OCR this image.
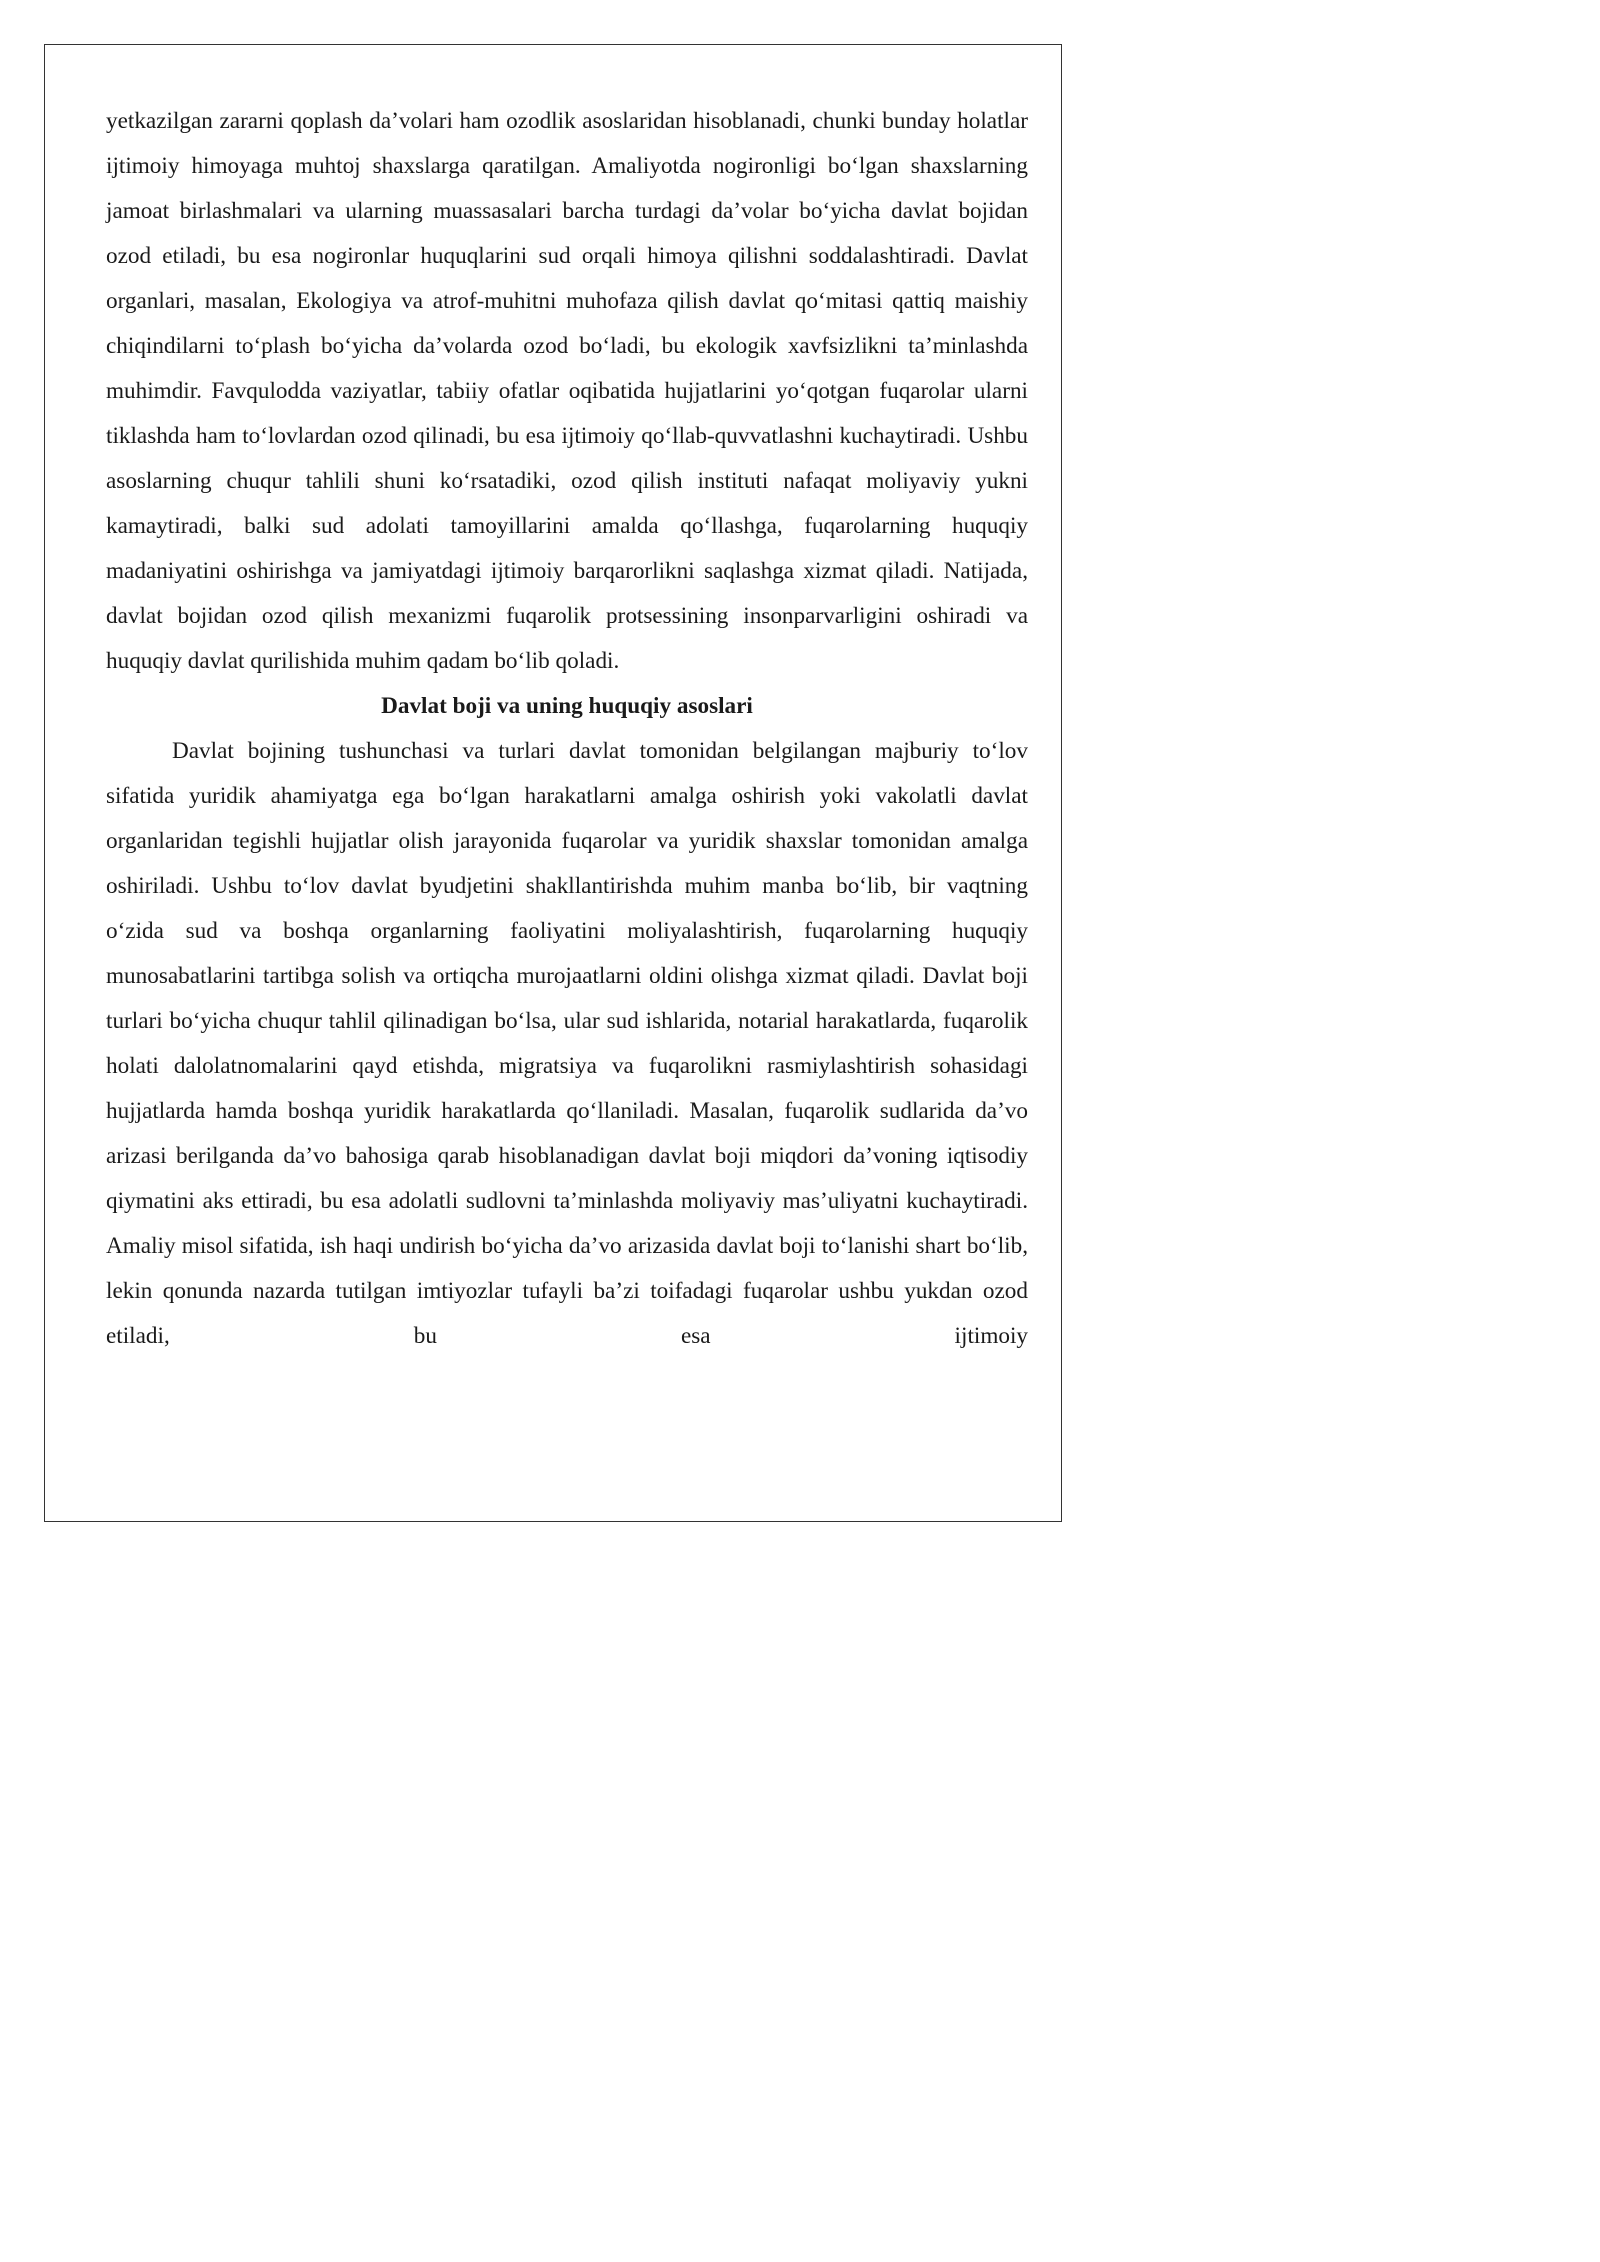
yetkazilgan zararni qoplash da’volari ham ozodlik asoslaridan hisoblanadi, chunki bunday holatlar ijtimoiy himoyaga muhtoj shaxslarga qaratilgan. Amaliyotda nogironligi bo‘lgan shaxslarning jamoat birlashmalari va ularning muassasalari barcha turdagi da’volar bo‘yicha davlat bojidan ozod etiladi, bu esa nogironlar huquqlarini sud orqali himoya qilishni soddalashtiradi. Davlat organlari, masalan, Ekologiya va atrof-muhitni muhofaza qilish davlat qo‘mitasi qattiq maishiy chiqindilarni to‘plash bo‘yicha da’volarda ozod bo‘ladi, bu ekologik xavfsizlikni ta’minlashda muhimdir. Favqulodda vaziyatlar, tabiiy ofatlar oqibatida hujjatlarini yo‘qotgan fuqarolar ularni tiklashda ham to‘lovlardan ozod qilinadi, bu esa ijtimoiy qo‘llab-quvvatlashni kuchaytiradi. Ushbu asoslarning chuqur tahlili shuni ko‘rsatadiki, ozod qilish instituti nafaqat moliyaviy yukni kamaytiradi, balki sud adolati tamoyillarini amalda qo‘llashga, fuqarolarning huquqiy madaniyatini oshirishga va jamiyatdagi ijtimoiy barqarorlikni saqlashga xizmat qiladi. Natijada, davlat bojidan ozod qilish mexanizmi fuqarolik protsessining insonparvarligini oshiradi va huquqiy davlat qurilishida muhim qadam bo‘lib qoladi.

Davlat boji va uning huquqiy asoslari

Davlat bojining tushunchasi va turlari davlat tomonidan belgilangan majburiy to‘lov sifatida yuridik ahamiyatga ega bo‘lgan harakatlarni amalga oshirish yoki vakolatli davlat organlaridan tegishli hujjatlar olish jarayonida fuqarolar va yuridik shaxslar tomonidan amalga oshiriladi. Ushbu to‘lov davlat byudjetini shakllantirishda muhim manba bo‘lib, bir vaqtning o‘zida sud va boshqa organlarning faoliyatini moliyalashtirish, fuqarolarning huquqiy munosabatlarini tartibga solish va ortiqcha murojaatlarni oldini olishga xizmat qiladi. Davlat boji turlari bo‘yicha chuqur tahlil qilinadigan bo‘lsa, ular sud ishlarida, notarial harakatlarda, fuqarolik holati dalolatnomalarini qayd etishda, migratsiya va fuqarolikni rasmiylashtirish sohasidagi hujjatlarda hamda boshqa yuridik harakatlarda qo‘llaniladi. Masalan, fuqarolik sudlarida da’vo arizasi berilganda da’vo bahosiga qarab hisoblanadigan davlat boji miqdori da’voning iqtisodiy qiymatini aks ettiradi, bu esa adolatli sudlovni ta’minlashda moliyaviy mas’uliyatni kuchaytiradi. Amaliy misol sifatida, ish haqi undirish bo‘yicha da’vo arizasida davlat boji to‘lanishi shart bo‘lib, lekin qonunda nazarda tutilgan imtiyozlar tufayli ba’zi toifadagi fuqarolar ushbu yukdan ozod etiladi, bu esa ijtimoiy
